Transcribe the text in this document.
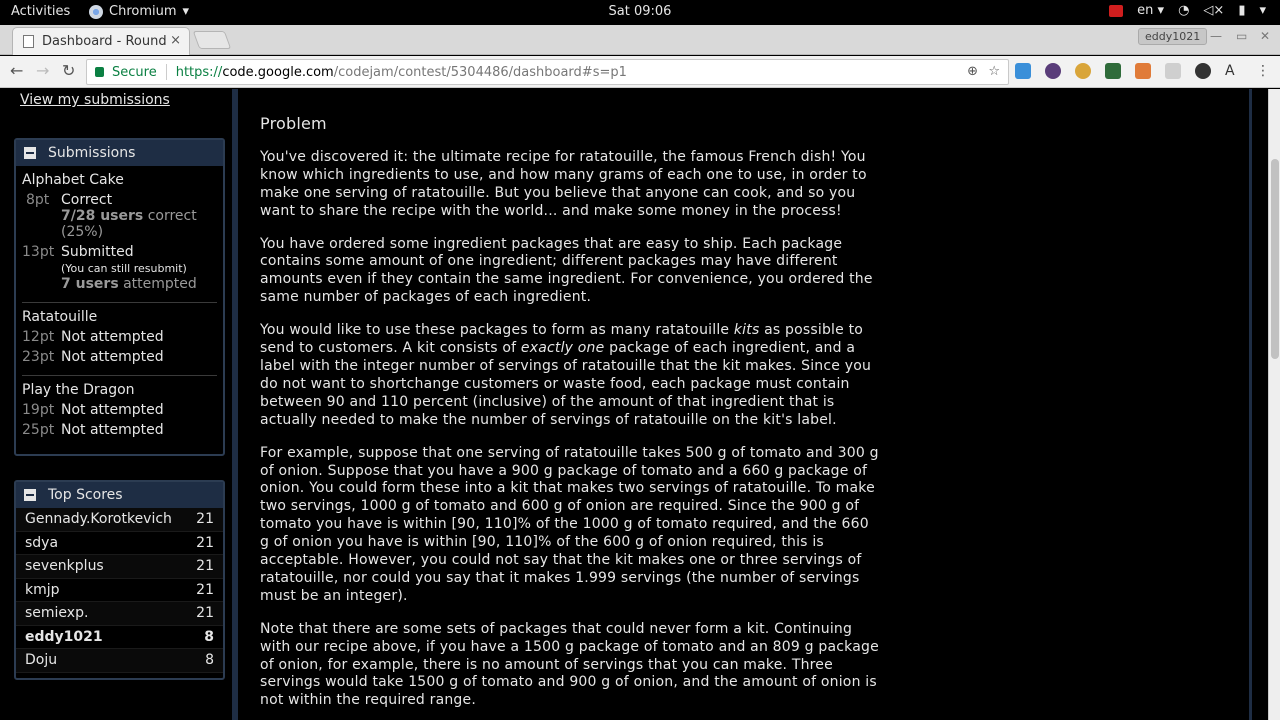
Activities	Chromium ▾	Sat 09:06	en ▾ ◔ ◁× ▮ ▾
Dashboard - Round ×	eddy1021 — ▭ ✕
← → ↻	Secure https:// code.google.com /codejam/contest/5304486/dashboard#s=p1	⊕ ☆	A	⋮
View my submissions
Submissions
Alphabet Cake
8pt Correct
7/28 users correct
(25%)
13pt Submitted
(You can still resubmit)
7 users attempted
Ratatouille
12pt Not attempted
23pt Not attempted
Play the Dragon
19pt Not attempted
25pt Not attempted
Top Scores
Gennady.Korotkevich 21
sdya	21
sevenkplus	21
kmjp	21
semiexp.	21
eddy1021	8
Doju	8
Problem

You've discovered it: the ultimate recipe for ratatouille, the famous French dish! You know which ingredients to use, and how many grams of each one to use, in order to make one serving of ratatouille. But you believe that anyone can cook, and so you want to share the recipe with the world... and make some money in the process!

You have ordered some ingredient packages that are easy to ship. Each package contains some amount of one ingredient; different packages may have different amounts even if they contain the same ingredient. For convenience, you ordered the same number of packages of each ingredient.

You would like to use these packages to form as many ratatouille kits as possible to send to customers. A kit consists of exactly one package of each ingredient, and a label with the integer number of servings of ratatouille that the kit makes. Since you do not want to shortchange customers or waste food, each package must contain between 90 and 110 percent (inclusive) of the amount of that ingredient that is actually needed to make the number of servings of ratatouille on the kit's label.

For example, suppose that one serving of ratatouille takes 500 g of tomato and 300 g of onion. Suppose that you have a 900 g package of tomato and a 660 g package of onion. You could form these into a kit that makes two servings of ratatouille. To make two servings, 1000 g of tomato and 600 g of onion are required. Since the 900 g of tomato you have is within [90, 110]% of the 1000 g of tomato required, and the 660 g of onion you have is within [90, 110]% of the 600 g of onion required, this is acceptable. However, you could not say that the kit makes one or three servings of ratatouille, nor could you say that it makes 1.999 servings (the number of servings must be an integer).

Note that there are some sets of packages that could never form a kit. Continuing with our recipe above, if you have a 1500 g package of tomato and an 809 g package of onion, for example, there is no amount of servings that you can make. Three servings would take 1500 g of tomato and 900 g of onion, and the amount of onion is not within the required range.
